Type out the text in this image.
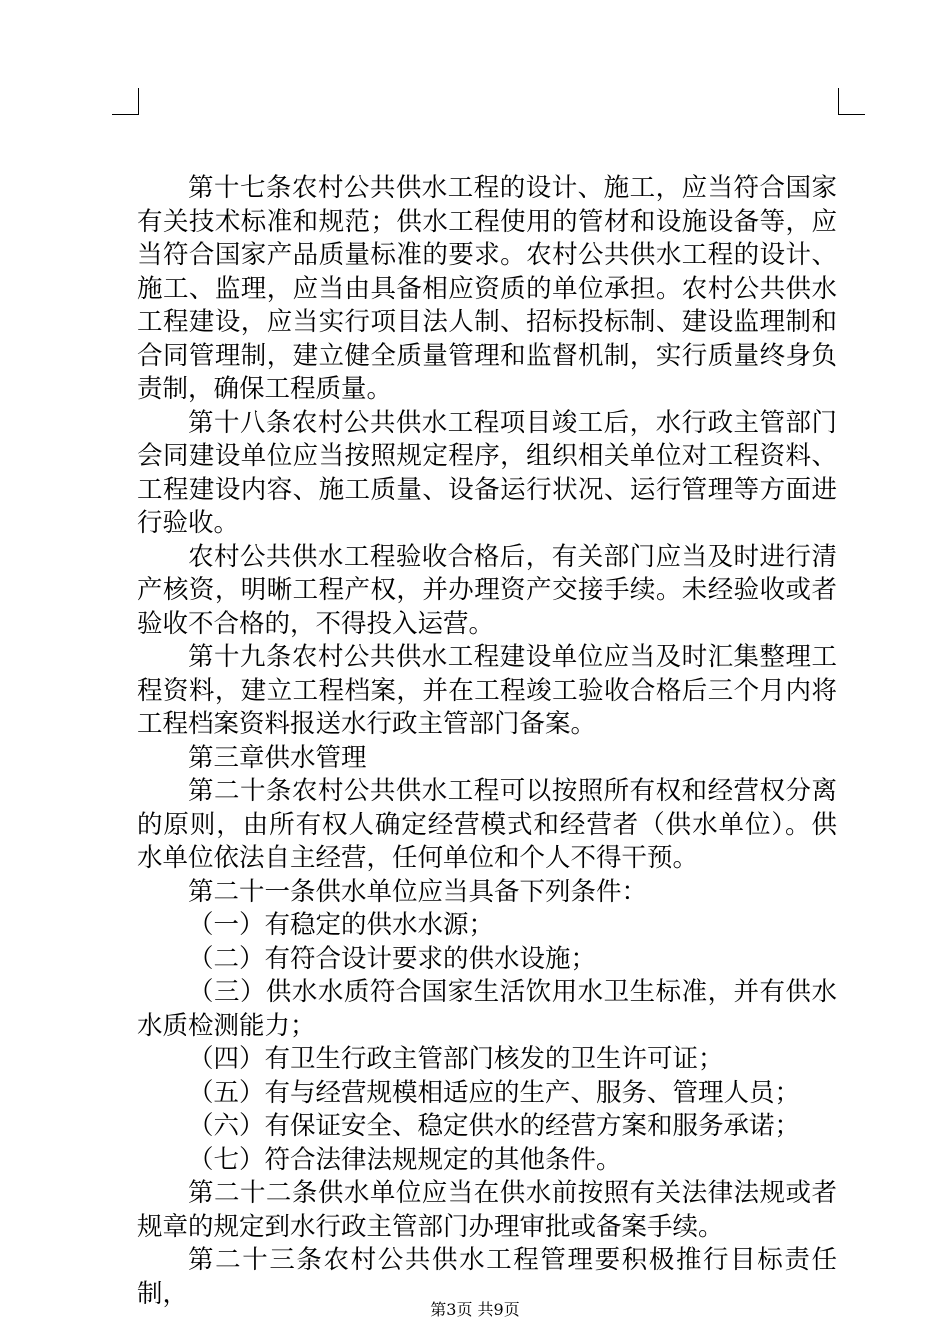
第十七条农村公共供水工程的设计、施工，应当符合国家有关技术标准和规范；供水工程使用的管材和设施设备等，应当符合国家产品质量标准的要求。农村公共供水工程的设计、施工、监理，应当由具备相应资质的单位承担。农村公共供水工程建设，应当实行项目法人制、招标投标制、建设监理制和合同管理制，建立健全质量管理和监督机制，实行质量终身负责制，确保工程质量。

第十八条农村公共供水工程项目竣工后，水行政主管部门会同建设单位应当按照规定程序，组织相关单位对工程资料、工程建设内容、施工质量、设备运行状况、运行管理等方面进行验收。

农村公共供水工程验收合格后，有关部门应当及时进行清产核资，明晰工程产权，并办理资产交接手续。未经验收或者验收不合格的，不得投入运营。

第十九条农村公共供水工程建设单位应当及时汇集整理工程资料，建立工程档案，并在工程竣工验收合格后三个月内将工程档案资料报送水行政主管部门备案。

第三章供水管理

第二十条农村公共供水工程可以按照所有权和经营权分离的原则，由所有权人确定经营模式和经营者（供水单位）。供水单位依法自主经营，任何单位和个人不得干预。

第二十一条供水单位应当具备下列条件：

（一）有稳定的供水水源；

（二）有符合设计要求的供水设施；

（三）供水水质符合国家生活饮用水卫生标准，并有供水水质检测能力；

（四）有卫生行政主管部门核发的卫生许可证；

（五）有与经营规模相适应的生产、服务、管理人员；

（六）有保证安全、稳定供水的经营方案和服务承诺；

（七）符合法律法规规定的其他条件。

第二十二条供水单位应当在供水前按照有关法律法规或者规章的规定到水行政主管部门办理审批或备案手续。

第二十三条农村公共供水工程管理要积极推行目标责任制，

第3页 共9页
